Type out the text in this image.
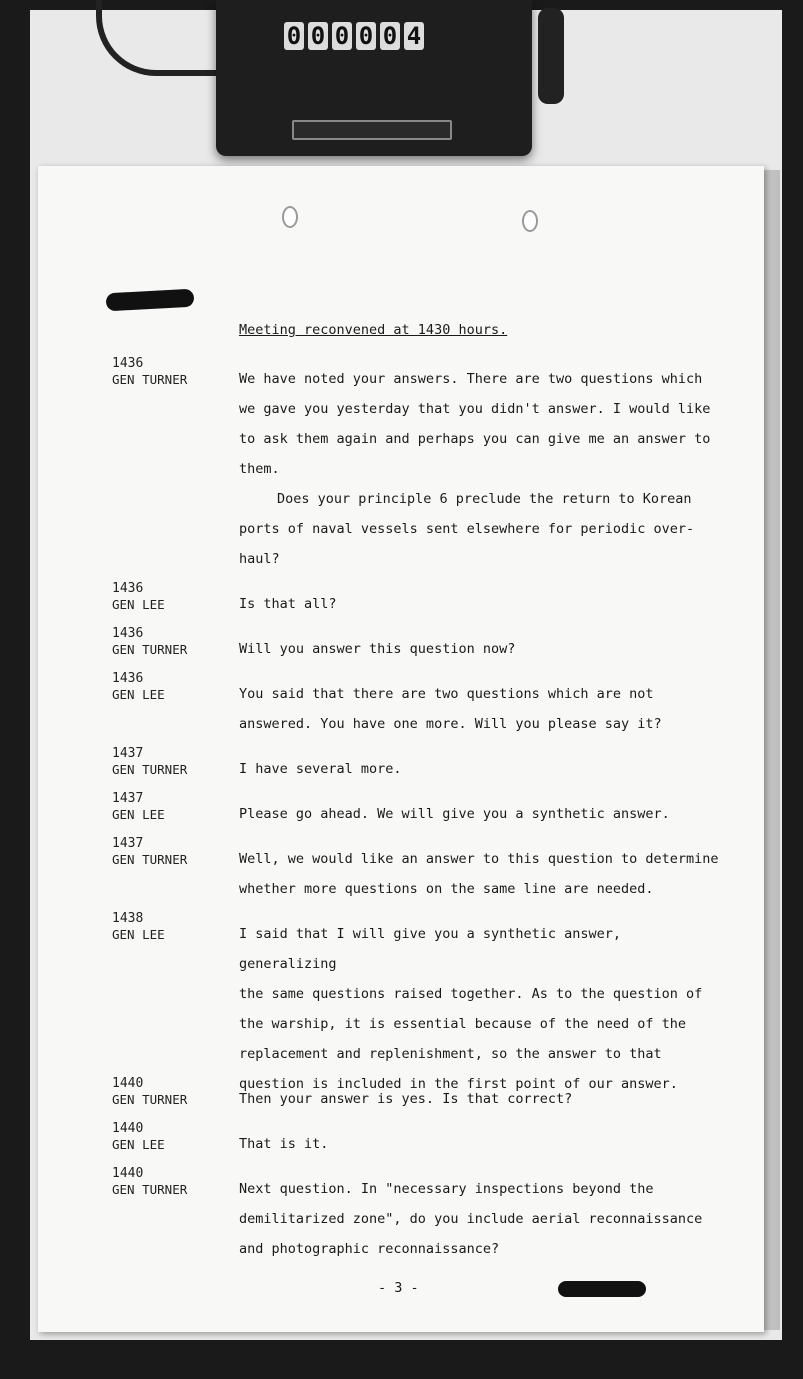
0 0 0 0 0 4
Meeting reconvened at 1430 hours.
1436
GEN TURNER	We have noted your answers. There are two questions which

we gave you yesterday that you didn't answer. I would like

to ask them again and perhaps you can give me an answer to

them.

Does your principle 6 preclude the return to Korean

ports of naval vessels sent elsewhere for periodic over-

haul?

1436
GEN LEE	Is that all?

1436
GEN TURNER	Will you answer this question now?

1436
GEN LEE	You said that there are two questions which are not

answered. You have one more. Will you please say it?

1437
GEN TURNER	I have several more.

1437
GEN LEE	Please go ahead. We will give you a synthetic answer.

1437
GEN TURNER	Well, we would like an answer to this question to determine

whether more questions on the same line are needed.

1438
GEN LEE	I said that I will give you a synthetic answer, generalizing

the same questions raised together. As to the question of

the warship, it is essential because of the need of the

replacement and replenishment, so the answer to that

question is included in the first point of our answer.

1440
GEN TURNER	Then your answer is yes. Is that correct?

1440
GEN LEE	That is it.

1440
GEN TURNER	Next question. In "necessary inspections beyond the

demilitarized zone", do you include aerial reconnaissance

and photographic reconnaissance?

- 3 -
